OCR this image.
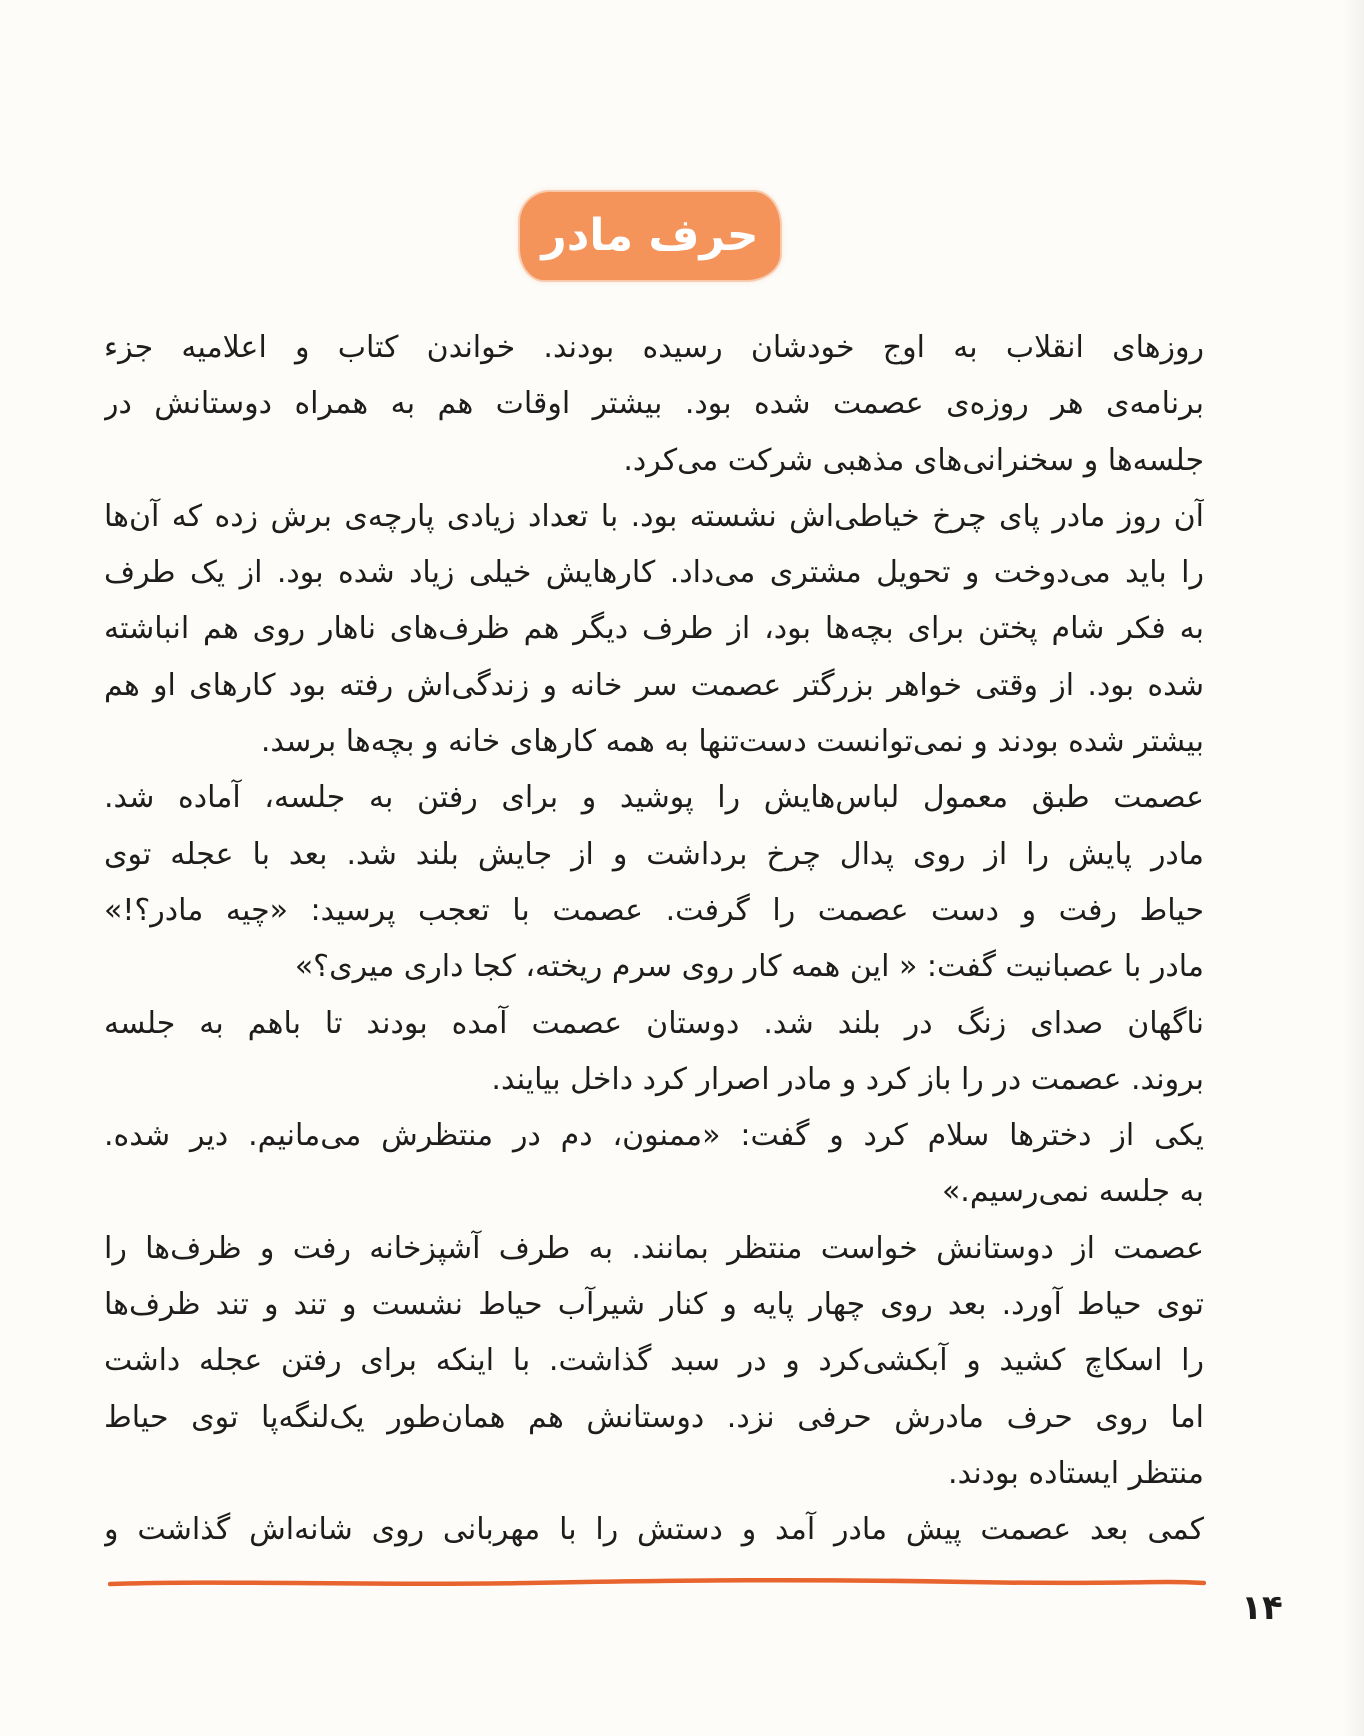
حرف مادر
روزهای انقلاب به اوج خودشان رسیده بودند. خواندن کتاب و اعلامیه جزء
برنامه‌ی هر روزه‌ی عصمت شده بود. بیشتر اوقات هم به همراه دوستانش در
جلسه‌ها و سخنرانی‌های مذهبی شرکت می‌کرد.
آن روز مادر پای چرخ خیاطی‌اش نشسته بود. با تعداد زیادی پارچه‌ی برش زده که آن‌ها
را باید می‌دوخت و تحویل مشتری می‌داد. کارهایش خیلی زیاد شده بود. از یک طرف
به فکر شام پختن برای بچه‌ها بود، از طرف دیگر هم ظرف‌های ناهار روی هم انباشته
شده بود. از وقتی خواهر بزرگتر عصمت سر خانه و زندگی‌اش رفته بود کارهای او هم
بیشتر شده بودند و نمی‌توانست دست‌تنها به همه کارهای خانه و بچه‌ها برسد.
عصمت طبق معمول لباس‌هایش را پوشید و برای رفتن به جلسه، آماده شد.
مادر پایش را از روی پدال چرخ برداشت و از جایش بلند شد. بعد با عجله توی
حیاط رفت و دست عصمت را گرفت. عصمت با تعجب پرسید: «چیه مادر؟!»
مادر با عصبانیت گفت: « این همه کار روی سرم ریخته، کجا داری میری؟»
ناگهان صدای زنگ در بلند شد. دوستان عصمت آمده بودند تا باهم به جلسه
بروند. عصمت در را باز کرد و مادر اصرار کرد داخل بیایند.
یکی از دخترها سلام کرد و گفت: «ممنون، دم در منتظرش می‌مانیم. دیر شده.
به جلسه نمی‌رسیم.»
عصمت از دوستانش خواست منتظر بمانند. به طرف آشپزخانه رفت و ظرف‌ها را
توی حیاط آورد. بعد روی چهار پایه و کنار شیرآب حیاط نشست و تند و تند ظرف‌ها
را اسکاچ کشید و آبکشی‌کرد و در سبد گذاشت. با اینکه برای رفتن عجله داشت
اما روی حرف مادرش حرفی نزد. دوستانش هم همان‌طور یک‌لنگه‌پا توی حیاط
منتظر ایستاده بودند.
کمی بعد عصمت پیش مادر آمد و دستش را با مهربانی روی شانه‌اش گذاشت و
۱۴
